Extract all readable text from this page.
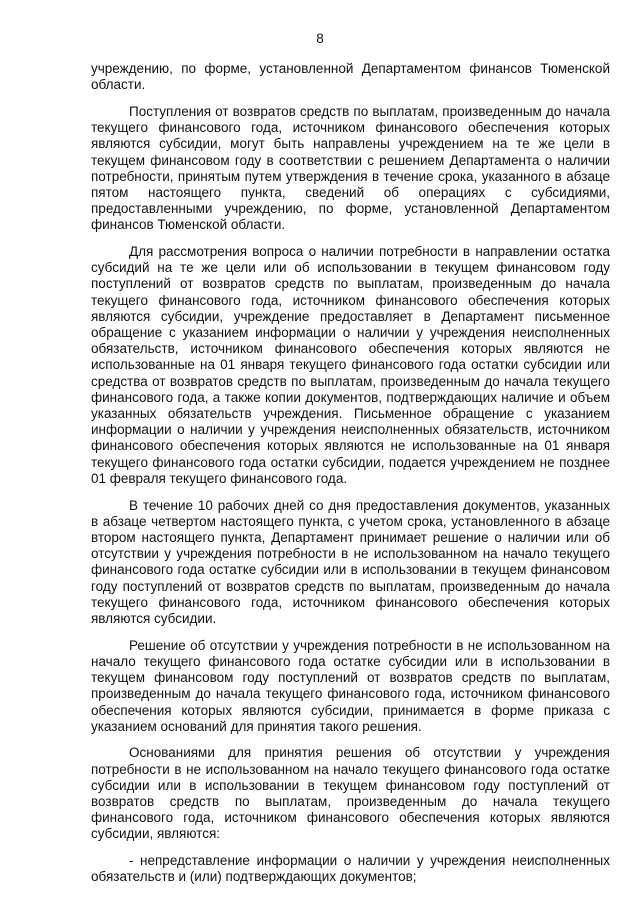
8

учреждению, по форме, установленной Департаментом финансов Тюменской области.

Поступления от возвратов средств по выплатам, произведенным до начала текущего финансового года, источником финансового обеспечения которых являются субсидии, могут быть направлены учреждением на те же цели в текущем финансовом году в соответствии с решением Департамента о наличии потребности, принятым путем утверждения в течение срока, указанного в абзаце пятом настоящего пункта, сведений об операциях с субсидиями, предоставленными учреждению, по форме, установленной Департаментом финансов Тюменской области.

Для рассмотрения вопроса о наличии потребности в направлении остатка субсидий на те же цели или об использовании в текущем финансовом году поступлений от возвратов средств по выплатам, произведенным до начала текущего финансового года, источником финансового обеспечения которых являются субсидии, учреждение предоставляет в Департамент письменное обращение с указанием информации о наличии у учреждения неисполненных обязательств, источником финансового обеспечения которых являются не использованные на 01 января текущего финансового года остатки субсидии или средства от возвратов средств по выплатам, произведенным до начала текущего финансового года, а также копии документов, подтверждающих наличие и объем указанных обязательств учреждения. Письменное обращение с указанием информации о наличии у учреждения неисполненных обязательств, источником финансового обеспечения которых являются не использованные на 01 января текущего финансового года остатки субсидии, подается учреждением не позднее 01 февраля текущего финансового года.

В течение 10 рабочих дней со дня предоставления документов, указанных в абзаце четвертом настоящего пункта, с учетом срока, установленного в абзаце втором настоящего пункта, Департамент принимает решение о наличии или об отсутствии у учреждения потребности в не использованном на начало текущего финансового года остатке субсидии или в использовании в текущем финансовом году поступлений от возвратов средств по выплатам, произведенным до начала текущего финансового года, источником финансового обеспечения которых являются субсидии.

Решение об отсутствии у учреждения потребности в не использованном на начало текущего финансового года остатке субсидии или в использовании в текущем финансовом году поступлений от возвратов средств по выплатам, произведенным до начала текущего финансового года, источником финансового обеспечения которых являются субсидии, принимается в форме приказа с указанием оснований для принятия такого решения.

Основаниями для принятия решения об отсутствии у учреждения потребности в не использованном на начало текущего финансового года остатке субсидии или в использовании в текущем финансовом году поступлений от возвратов средств по выплатам, произведенным до начала текущего финансового года, источником финансового обеспечения которых являются субсидии, являются:

- непредставление информации о наличии у учреждения неисполненных обязательств и (или) подтверждающих документов;
